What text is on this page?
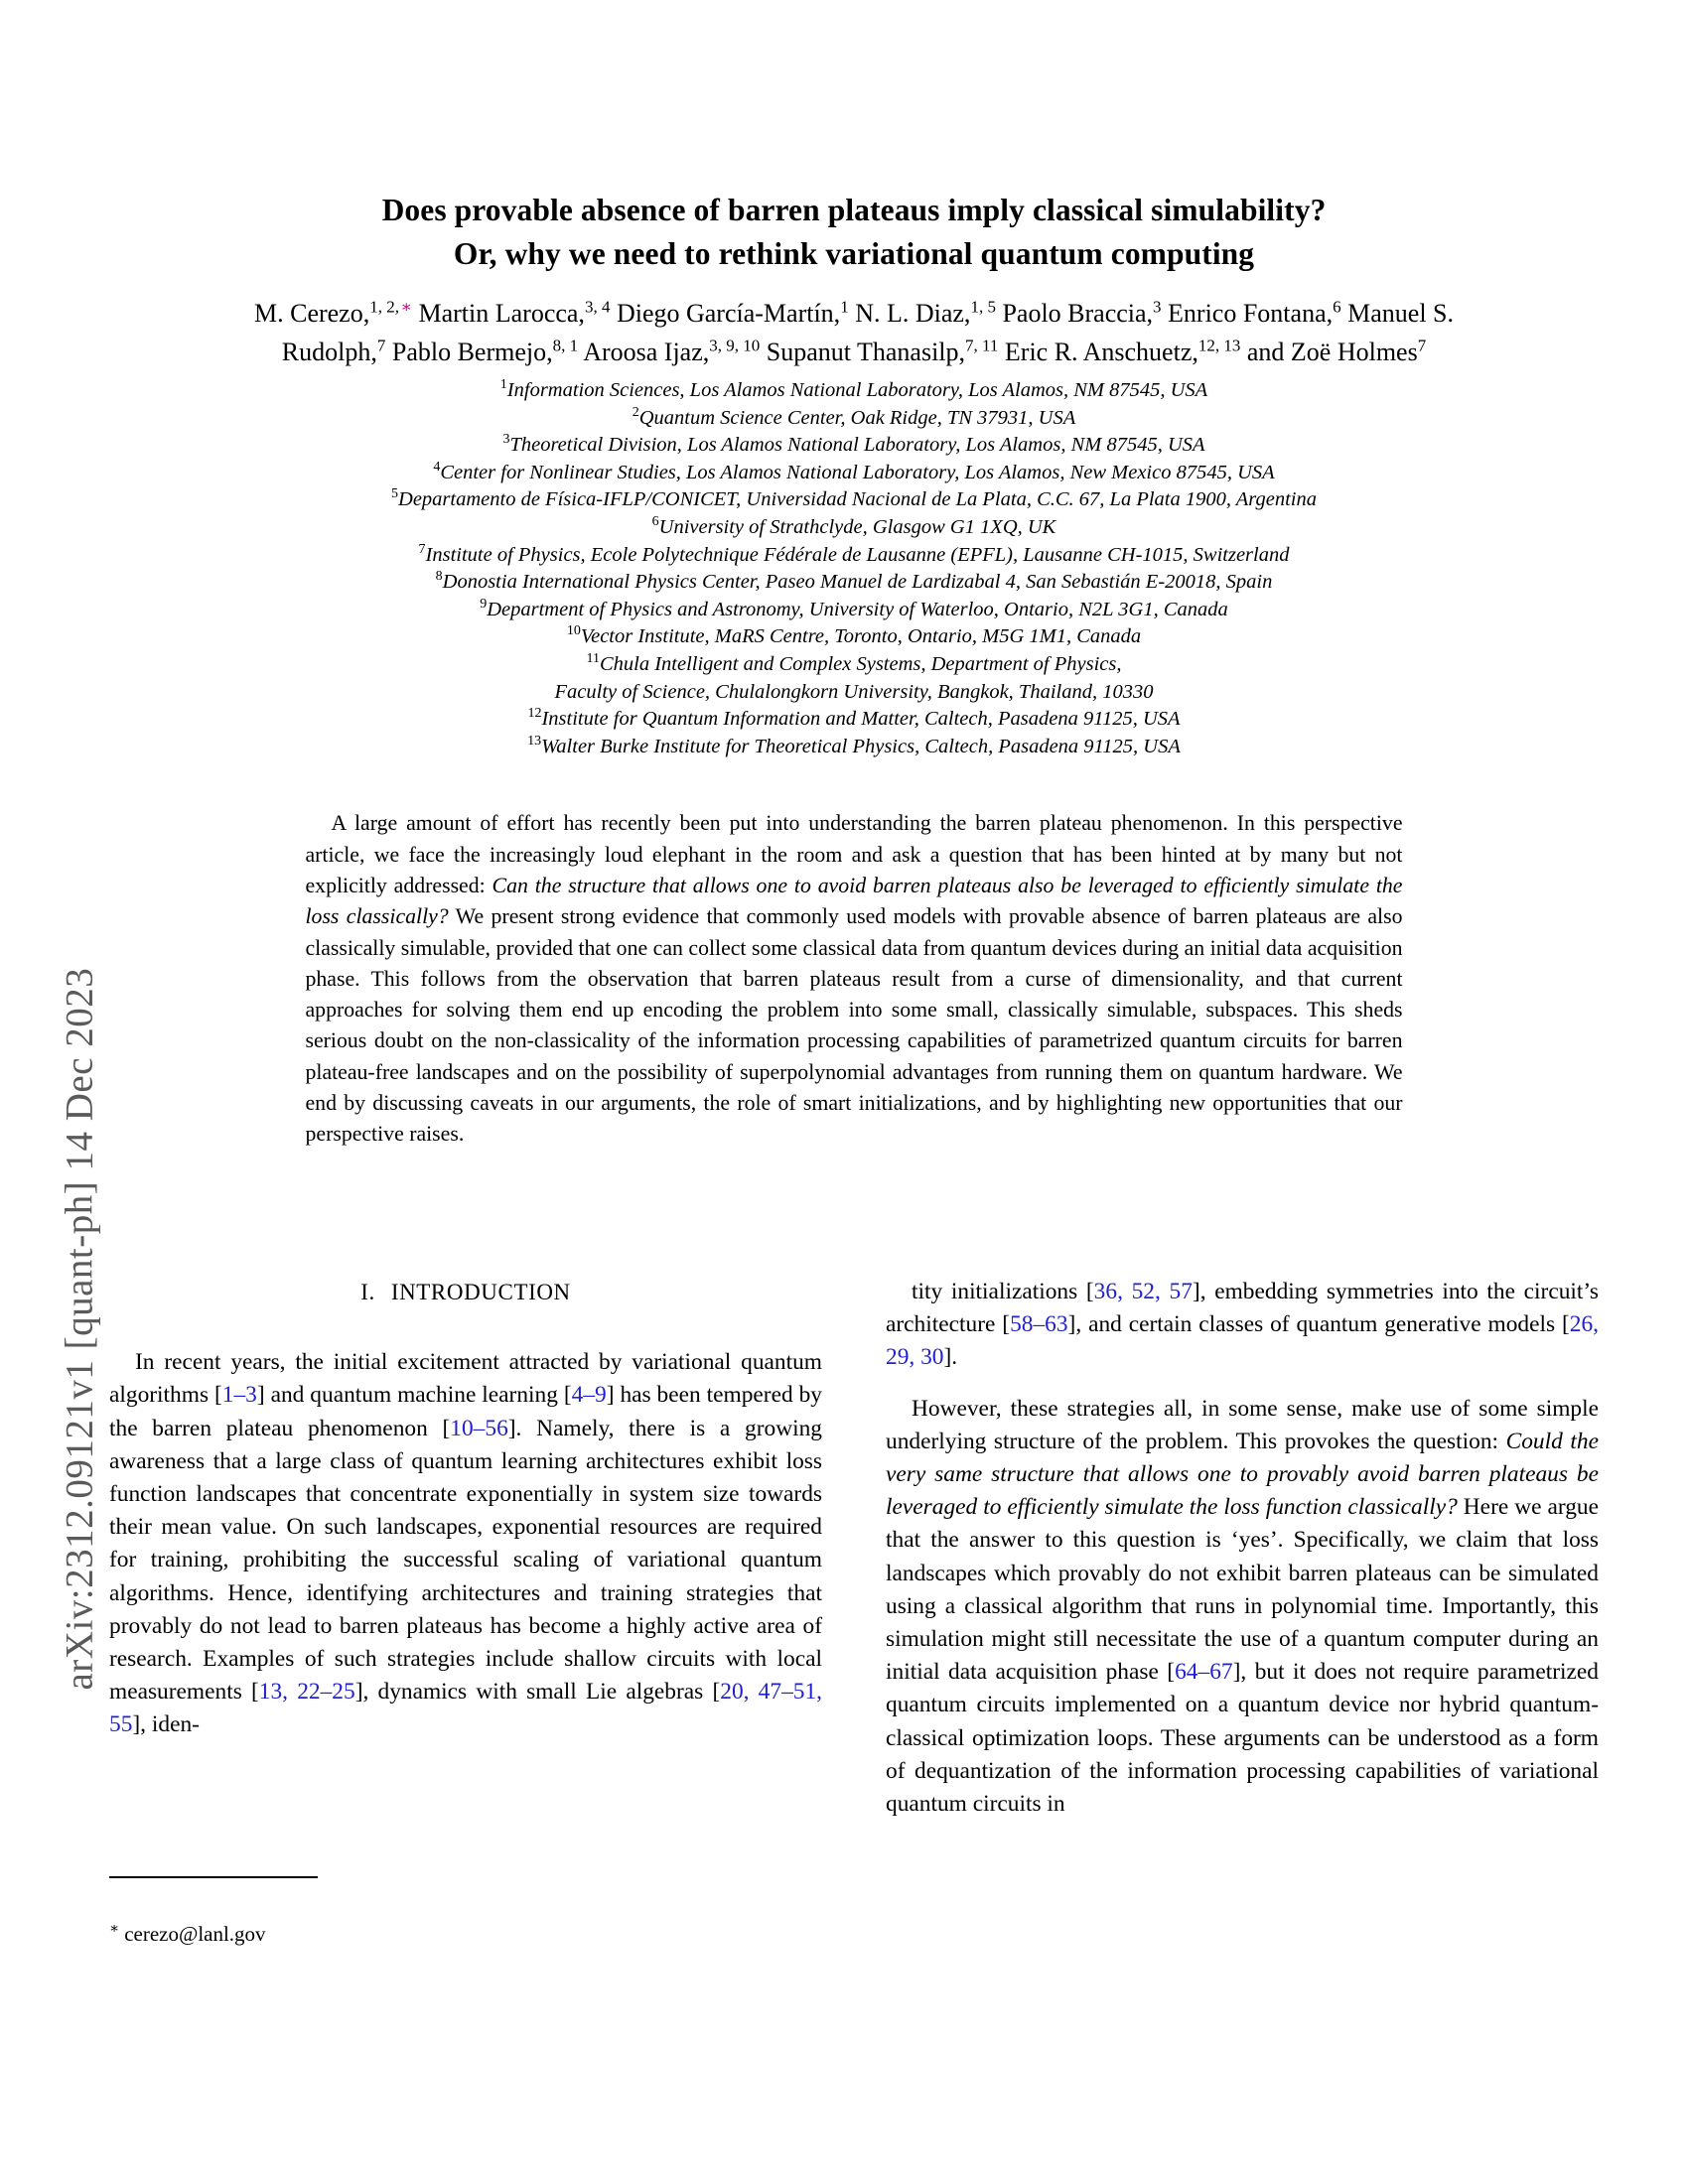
arXiv:2312.09121v1 [quant-ph] 14 Dec 2023
Does provable absence of barren plateaus imply classical simulability?
Or, why we need to rethink variational quantum computing
M. Cerezo,$^{1, 2,}$ ∗ Martin Larocca,$^{3, 4}$ Diego García-Martín,$^1$ N. L. Diaz,$^{1, 5}$ Paolo Braccia,$^3$ Enrico Fontana,$^6$ Manuel S.
Rudolph,$^7$ Pablo Bermejo,$^{8, 1}$ Aroosa Ijaz,$^{3, 9, 10}$ Supanut Thanasilp,$^{7, 11}$ Eric R. Anschuetz,$^{12, 13}$ and Zoë Holmes$^7$
$^1$Information Sciences, Los Alamos National Laboratory, Los Alamos, NM 87545, USA
$^2$Quantum Science Center, Oak Ridge, TN 37931, USA
$^3$Theoretical Division, Los Alamos National Laboratory, Los Alamos, NM 87545, USA
$^4$Center for Nonlinear Studies, Los Alamos National Laboratory, Los Alamos, New Mexico 87545, USA
$^5$Departamento de Física-IFLP/CONICET, Universidad Nacional de La Plata, C.C. 67, La Plata 1900, Argentina
$^6$University of Strathclyde, Glasgow G1 1XQ, UK
$^7$Institute of Physics, Ecole Polytechnique Fédérale de Lausanne (EPFL), Lausanne CH-1015, Switzerland
$^8$Donostia International Physics Center, Paseo Manuel de Lardizabal 4, San Sebastián E-20018, Spain
$^9$Department of Physics and Astronomy, University of Waterloo, Ontario, N2L 3G1, Canada
$^{10}$Vector Institute, MaRS Centre, Toronto, Ontario, M5G 1M1, Canada
$^{11}$Chula Intelligent and Complex Systems, Department of Physics,
Faculty of Science, Chulalongkorn University, Bangkok, Thailand, 10330
$^{12}$Institute for Quantum Information and Matter, Caltech, Pasadena 91125, USA
$^{13}$Walter Burke Institute for Theoretical Physics, Caltech, Pasadena 91125, USA
A large amount of effort has recently been put into understanding the barren plateau phenomenon. In this perspective article, we face the increasingly loud elephant in the room and ask a question that has been hinted at by many but not explicitly addressed: Can the structure that allows one to avoid barren plateaus also be leveraged to efficiently simulate the loss classically? We present strong evidence that commonly used models with provable absence of barren plateaus are also classically simulable, provided that one can collect some classical data from quantum devices during an initial data acquisition phase. This follows from the observation that barren plateaus result from a curse of dimensionality, and that current approaches for solving them end up encoding the problem into some small, classically simulable, subspaces. This sheds serious doubt on the non-classicality of the information processing capabilities of parametrized quantum circuits for barren plateau-free landscapes and on the possibility of superpolynomial advantages from running them on quantum hardware. We end by discussing caveats in our arguments, the role of smart initializations, and by highlighting new opportunities that our perspective raises.
I. INTRODUCTION

In recent years, the initial excitement attracted by variational quantum algorithms [1–3] and quantum machine learning [4–9] has been tempered by the barren plateau phenomenon [10–56]. Namely, there is a growing awareness that a large class of quantum learning architectures exhibit loss function landscapes that concentrate exponentially in system size towards their mean value. On such landscapes, exponential resources are required for training, prohibiting the successful scaling of variational quantum algorithms. Hence, identifying architectures and training strategies that provably do not lead to barren plateaus has become a highly active area of research. Examples of such strategies include shallow circuits with local measurements [13, 22–25], dynamics with small Lie algebras [20, 47–51, 55], iden-

tity initializations [36, 52, 57], embedding symmetries into the circuit’s architecture [58–63], and certain classes of quantum generative models [26, 29, 30].

However, these strategies all, in some sense, make use of some simple underlying structure of the problem. This provokes the question: Could the very same structure that allows one to provably avoid barren plateaus be leveraged to efficiently simulate the loss function classically? Here we argue that the answer to this question is ‘yes’. Specifically, we claim that loss landscapes which provably do not exhibit barren plateaus can be simulated using a classical algorithm that runs in polynomial time. Importantly, this simulation might still necessitate the use of a quantum computer during an initial data acquisition phase [64–67], but it does not require parametrized quantum circuits implemented on a quantum device nor hybrid quantum-classical optimization loops. These arguments can be understood as a form of dequantization of the information processing capabilities of variational quantum circuits in

∗ cerezo@lanl.gov
